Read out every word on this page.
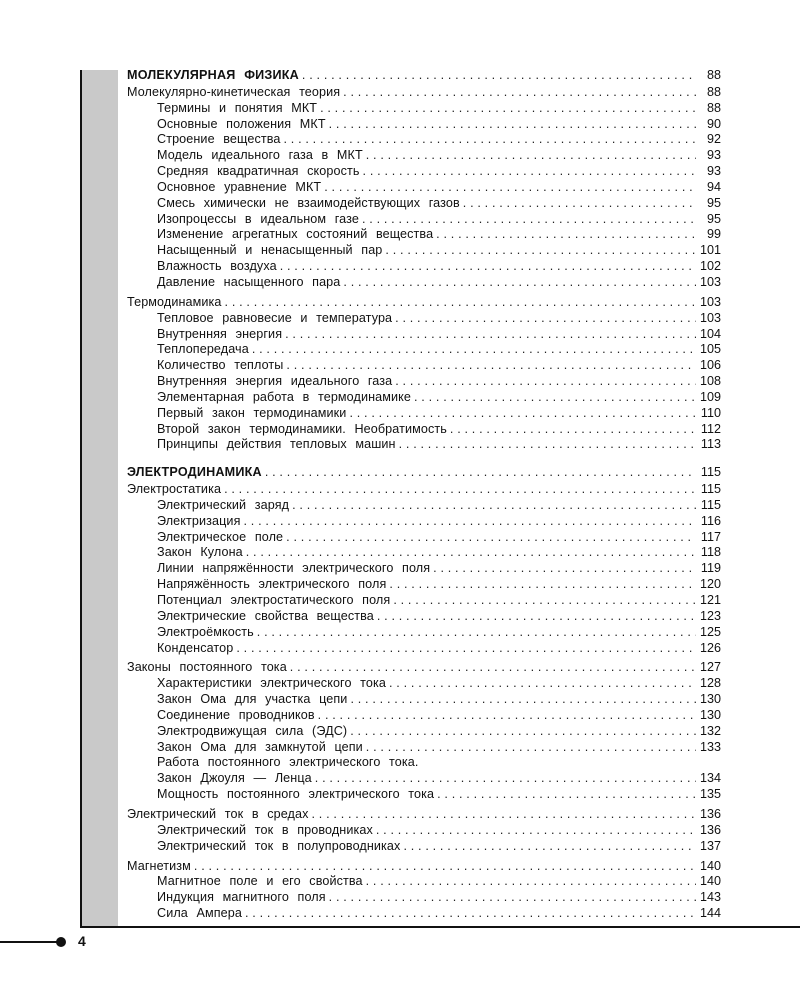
4
МОЛЕКУЛЯРНАЯ ФИЗИКА . . .	88
Молекулярно-кинетическая теория . . .	88
Термины и понятия МКТ . . .	88
Основные положения МКТ . . .	90
Строение вещества . . .	92
Модель идеального газа в МКТ . . .	93
Средняя квадратичная скорость . . .	93
Основное уравнение МКТ . . .	94
Смесь химически не взаимодействующих газов . . .	95
Изопроцессы в идеальном газе . . .	95
Изменение агрегатных состояний вещества . . .	99
Насыщенный и ненасыщенный пар . . .	101
Влажность воздуха . . .	102
Давление насыщенного пара . . .	103
Термодинамика . . .	103
Тепловое равновесие и температура . . .	103
Внутренняя энергия . . .	104
Теплопередача . . .	105
Количество теплоты . . .	106
Внутренняя энергия идеального газа . . .	108
Элементарная работа в термодинамике . . .	109
Первый закон термодинамики . . .	110
Второй закон термодинамики. Необратимость . . .	112
Принципы действия тепловых машин . . .	113
ЭЛЕКТРОДИНАМИКА . . .	115
Электростатика . . .	115
Электрический заряд . . .	115
Электризация . . .	116
Электрическое поле . . .	117
Закон Кулона . . .	118
Линии напряжённости электрического поля . . .	119
Напряжённость электрического поля . . .	120
Потенциал электростатического поля . . .	121
Электрические свойства вещества . . .	123
Электроёмкость . . .	125
Конденсатор . . .	126
Законы постоянного тока . . .	127
Характеристики электрического тока . . .	128
Закон Ома для участка цепи . . .	130
Соединение проводников . . .	130
Электродвижущая сила (ЭДС) . . .	132
Закон Ома для замкнутой цепи . . .	133
Работа постоянного электрического тока.
Закон Джоуля — Ленца . . .	134
Мощность постоянного электрического тока . . .	135
Электрический ток в средах . . .	136
Электрический ток в проводниках . . .	136
Электрический ток в полупроводниках . . .	137
Магнетизм . . .	140
Магнитное поле и его свойства . . .	140
Индукция магнитного поля . . .	143
Сила Ампера . . .	144
